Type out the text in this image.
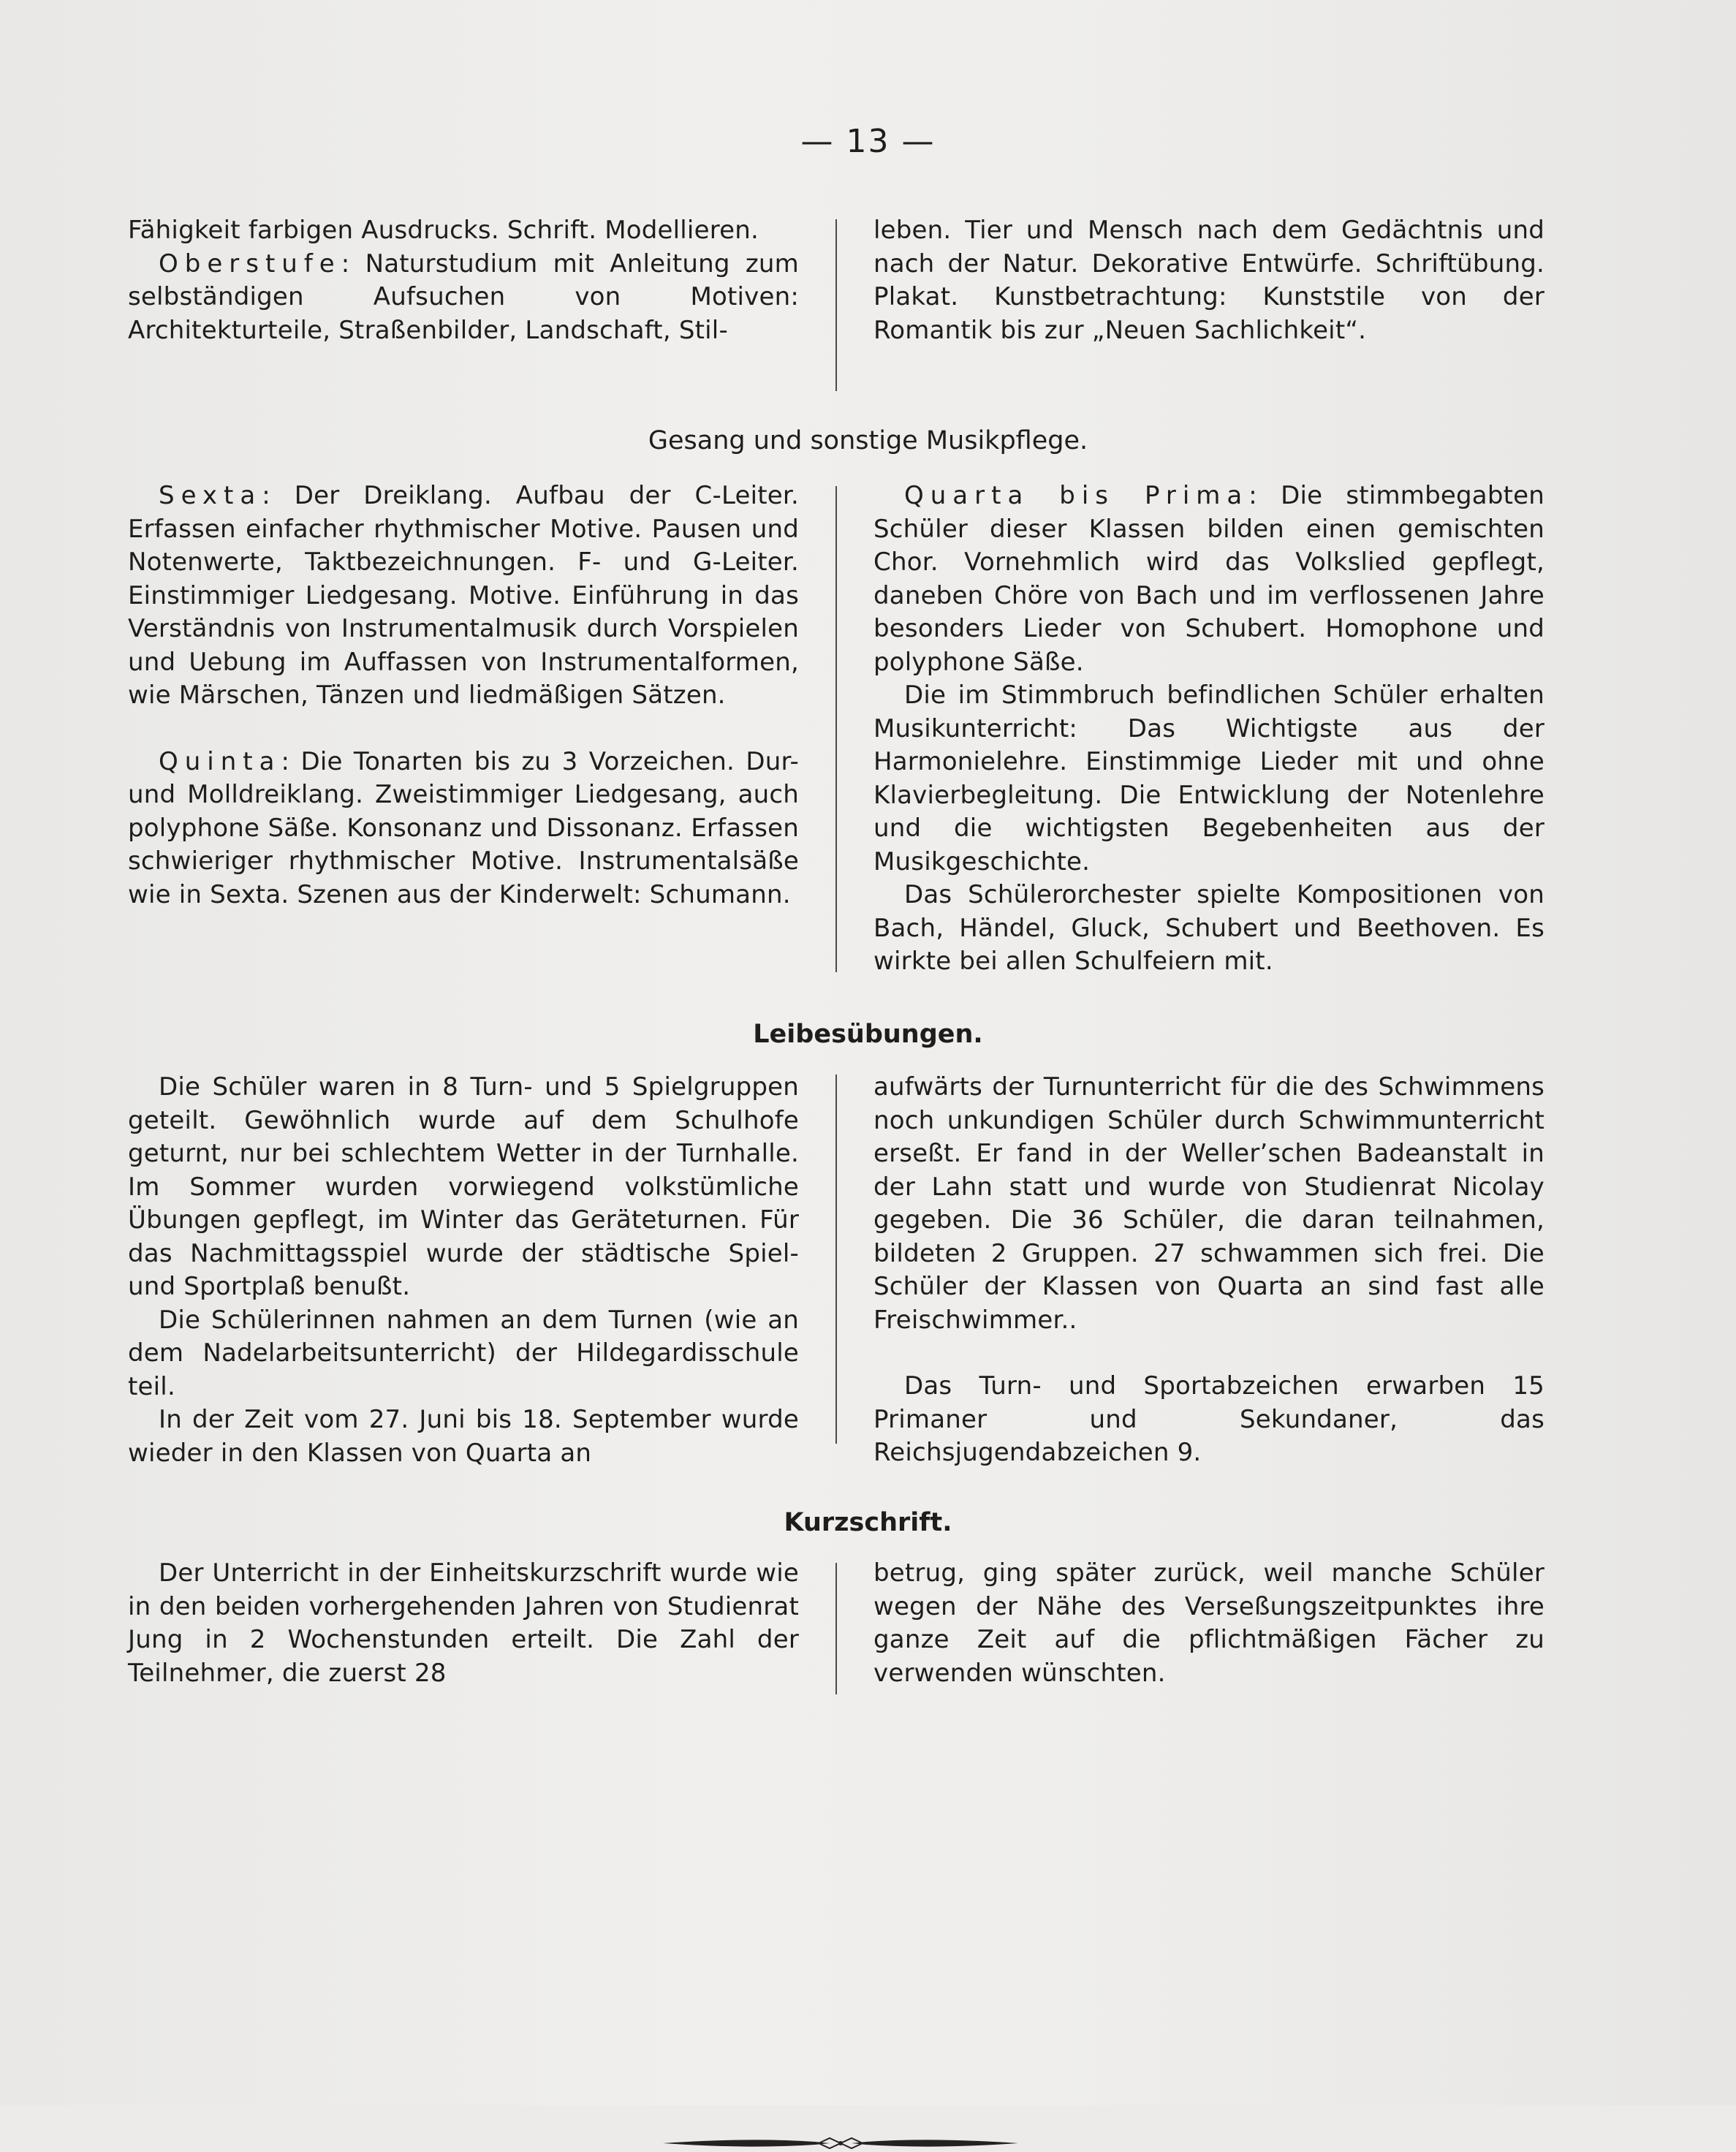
— 13 —

Fähigkeit farbigen Ausdrucks. Schrift. Modellieren.

Oberstufe: Naturstudium mit Anleitung zum selbständigen Aufsuchen von Motiven: Architekturteile, Straßenbilder, Landschaft, Stil-

leben. Tier und Mensch nach dem Gedächtnis und nach der Natur. Dekorative Entwürfe. Schriftübung. Plakat. Kunstbetrachtung: Kunststile von der Romantik bis zur „Neuen Sachlichkeit“.

Gesang und sonstige Musikpflege.

Sexta: Der Dreiklang. Aufbau der C-Leiter. Erfassen einfacher rhythmischer Motive. Pausen und Notenwerte, Taktbezeichnungen. F- und G-Leiter. Einstimmiger Liedgesang. Motive. Einführung in das Verständnis von Instrumentalmusik durch Vorspielen und Uebung im Auffassen von Instrumentalformen, wie Märschen, Tänzen und liedmäßigen Sätzen.

Quinta: Die Tonarten bis zu 3 Vorzeichen. Dur- und Molldreiklang. Zweistimmiger Liedgesang, auch polyphone Säße. Konsonanz und Dissonanz. Erfassen schwieriger rhythmischer Motive. Instrumentalsäße wie in Sexta. Szenen aus der Kinderwelt: Schumann.

Quarta bis Prima: Die stimmbegabten Schüler dieser Klassen bilden einen gemischten Chor. Vornehmlich wird das Volkslied gepflegt, daneben Chöre von Bach und im verflossenen Jahre besonders Lieder von Schubert. Homophone und polyphone Säße.

Die im Stimmbruch befindlichen Schüler erhalten Musikunterricht: Das Wichtigste aus der Harmonielehre. Einstimmige Lieder mit und ohne Klavierbegleitung. Die Entwicklung der Notenlehre und die wichtigsten Begebenheiten aus der Musikgeschichte.

Das Schülerorchester spielte Kompositionen von Bach, Händel, Gluck, Schubert und Beethoven. Es wirkte bei allen Schulfeiern mit.

Leibesübungen.

Die Schüler waren in 8 Turn- und 5 Spielgruppen geteilt. Gewöhnlich wurde auf dem Schulhofe geturnt, nur bei schlechtem Wetter in der Turnhalle. Im Sommer wurden vorwiegend volkstümliche Übungen gepflegt, im Winter das Geräteturnen. Für das Nachmittagsspiel wurde der städtische Spiel- und Sportplaß benußt.

Die Schülerinnen nahmen an dem Turnen (wie an dem Nadelarbeitsunterricht) der Hildegardisschule teil.

In der Zeit vom 27. Juni bis 18. September wurde wieder in den Klassen von Quarta an

aufwärts der Turnunterricht für die des Schwimmens noch unkundigen Schüler durch Schwimmunterricht erseßt. Er fand in der Weller’schen Badeanstalt in der Lahn statt und wurde von Studienrat Nicolay gegeben. Die 36 Schüler, die daran teilnahmen, bildeten 2 Gruppen. 27 schwammen sich frei. Die Schüler der Klassen von Quarta an sind fast alle Freischwimmer..

Das Turn- und Sportabzeichen erwarben 15 Primaner und Sekundaner, das Reichsjugendabzeichen 9.

Kurzschrift.

Der Unterricht in der Einheitskurzschrift wurde wie in den beiden vorhergehenden Jahren von Studienrat Jung in 2 Wochenstunden erteilt. Die Zahl der Teilnehmer, die zuerst 28

betrug, ging später zurück, weil manche Schüler wegen der Nähe des Verseßungszeitpunktes ihre ganze Zeit auf die pflichtmäßigen Fächer zu verwenden wünschten.
